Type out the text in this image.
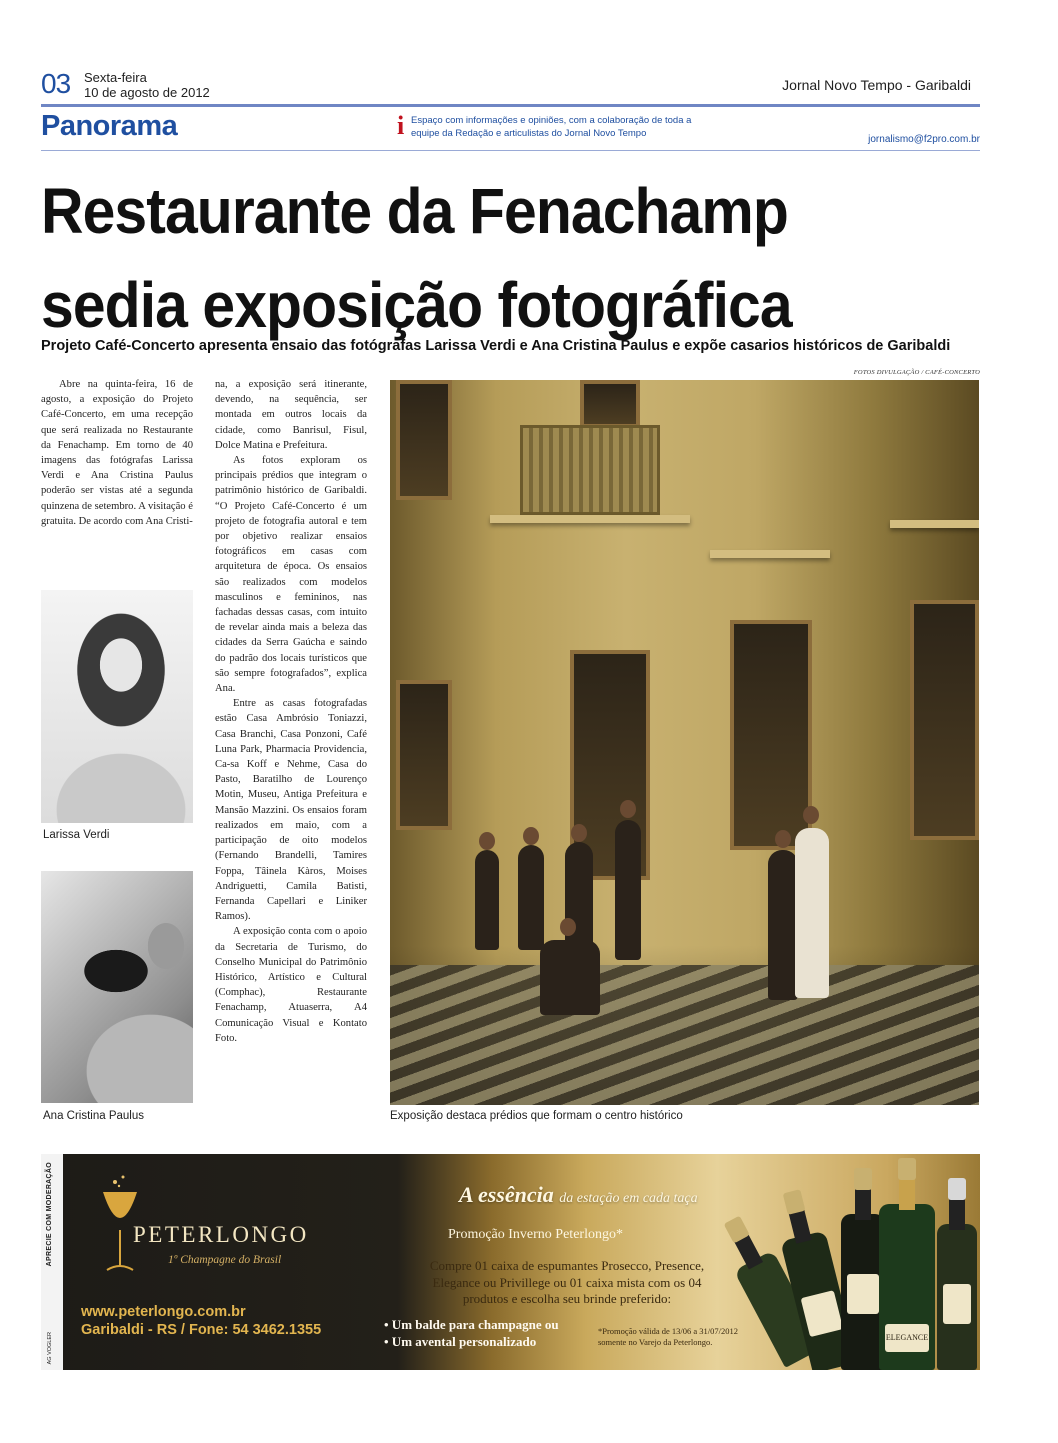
03 Sexta-feira
10 de agosto de 2012	Jornal Novo Tempo - Garibaldi
Panorama	i Espaço com informações e opiniões, com a colaboração de toda a equipe da Redação e articulistas do Jornal Novo Tempo
jornalismo@f2pro.com.br
Restaurante da Fenachamp
sedia exposição fotográfica
Projeto Café-Concerto apresenta ensaio das fotógrafas Larissa Verdi e Ana Cristina Paulus e expõe casarios históricos de Garibaldi

Abre na quinta-feira, 16 de agosto, a exposição do Projeto Café-Concerto, em uma recepção que será realizada no Restaurante da Fenachamp. Em torno de 40 imagens das fotógrafas Larissa Verdi e Ana Cristina Paulus poderão ser vistas até a segunda quinzena de setembro. A visitação é gratuita. De acordo com Ana Cristi-

na, a exposição será itinerante, devendo, na sequência, ser montada em outros locais da cidade, como Banrisul, Fisul, Dolce Matina e Prefeitura.

As fotos exploram os principais prédios que integram o patrimônio histórico de Garibaldi. “O Projeto Café-Concerto é um projeto de fotografia autoral e tem por objetivo realizar ensaios fotográficos em casas com arquitetura de época. Os ensaios são realizados com modelos masculinos e femininos, nas fachadas dessas casas, com intuito de revelar ainda mais a beleza das cidades da Serra Gaúcha e saindo do padrão dos locais turísticos que são sempre fotografados”, explica Ana.

Entre as casas fotografadas estão Casa Ambrósio Toniazzi, Casa Branchi, Casa Ponzoni, Café Luna Park, Pharmacia Providencia, Ca-sa Koff e Nehme, Casa do Pasto, Baratilho de Lourenço Motin, Museu, Antiga Prefeitura e Mansão Mazzini. Os ensaios foram realizados em maio, com a participação de oito modelos (Fernando Brandelli, Tamires Foppa, Tâinela Kàros, Moises Andriguetti, Camila Batisti, Fernanda Capellari e Liniker Ramos).

A exposição conta com o apoio da Secretaria de Turismo, do Conselho Municipal do Patrimônio Histórico, Artístico e Cultural (Comphac), Restaurante Fenachamp, Atuaserra, A4 Comunicação Visual e Kontato Foto.

Larissa Verdi
Ana Cristina Paulus
FOTOS DIVULGAÇÃO / CAFÉ-CONCERTO
Exposição destaca prédios que formam o centro histórico
APRECIE COM MODERAÇÃO
AG VOGLER
PETERLONGO
1º Champagne do Brasil
www.peterlongo.com.br
Garibaldi - RS / Fone: 54 3462.1355
A essência da estação em cada taça
Promoção Inverno Peterlongo*
Compre 01 caixa de espumantes Prosecco, Presence, Elegance ou Privillege ou 01 caixa mista com os 04 produtos e escolha seu brinde preferido:
• Um balde para champagne ou
• Um avental personalizado
*Promoção válida de 13/06 a 31/07/2012
somente no Varejo da Peterlongo.	ELEGANCE
